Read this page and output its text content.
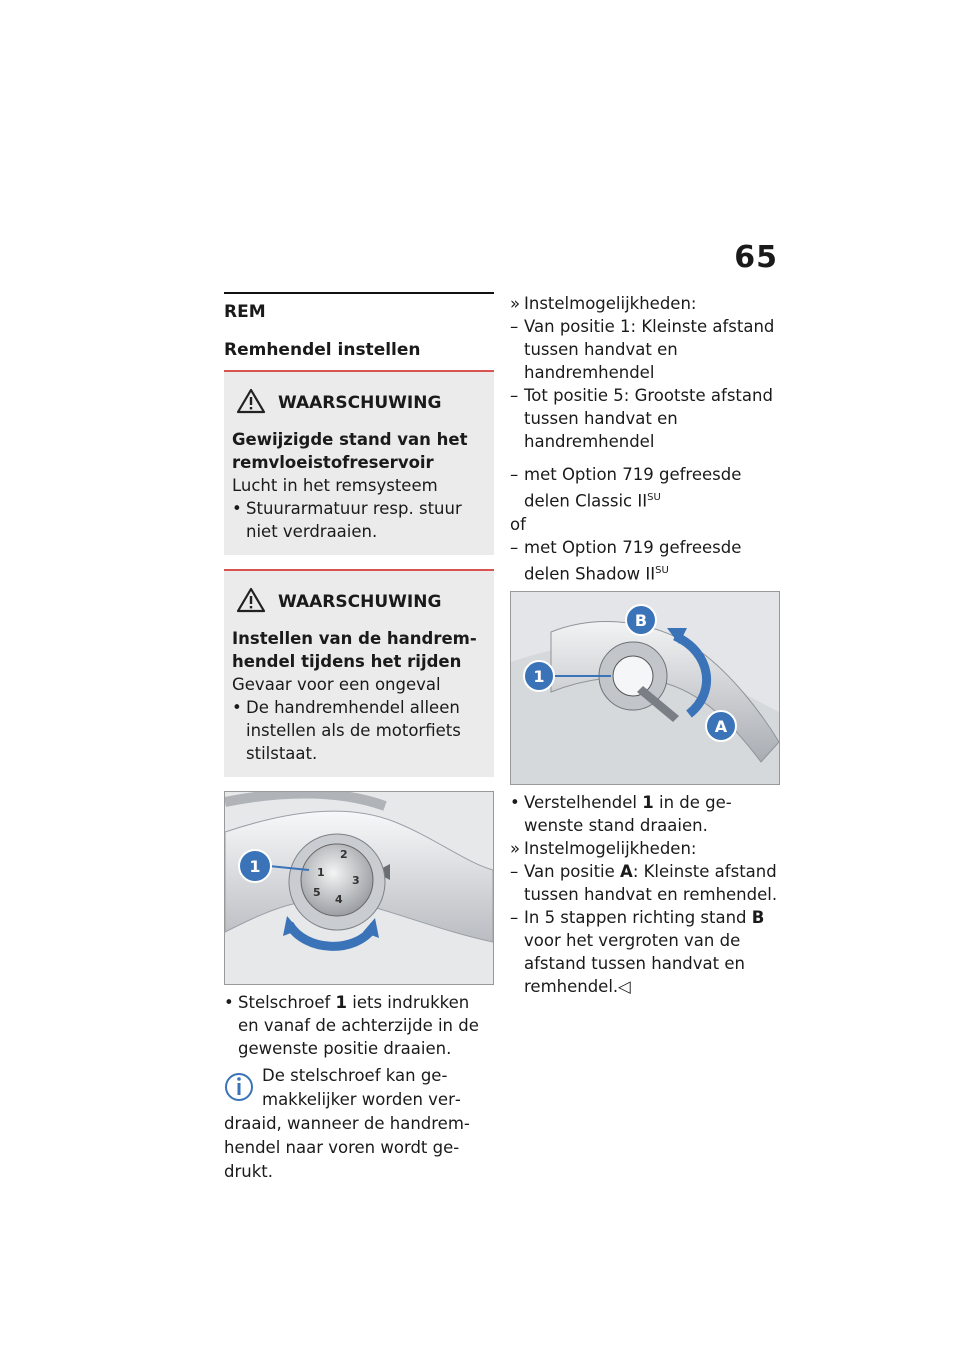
65
REM
Remhendel instellen
WAARSCHUWING
Gewijzigde stand van het remvloeistofreservoir
Lucht in het remsysteem
• Stuurarmatuur resp. stuur niet verdraaien.
WAARSCHUWING
Instellen van de handremhendel tijdens het rijden
Gevaar voor een ongeval
• De handremhendel alleen instellen als de motorfiets stilstaat.
1
2
3
4
5
1
• Stelschroef 1 iets indrukken en vanaf de achterzijde in de gewenste positie draaien.
De stelschroef kan gemakkelijker worden verdraaid, wanneer de handremhendel naar voren wordt gedrukt.
» Instelmogelijkheden:
– Van positie 1: Kleinste afstand tussen handvat en handremhendel
– Tot positie 5: Grootste afstand tussen handvat en handremhendel
– met Option 719 gefreesde delen Classic $II^{SU}$
of
– met Option 719 gefreesde delen Shadow $II^{SU}$
1
B
A
• Verstelhendel 1 in de gewenste stand draaien.
» Instelmogelijkheden:
– Van positie A: Kleinste afstand tussen handvat en remhendel.
– In 5 stappen richting stand B voor het vergroten van de afstand tussen handvat en remhendel.◁
